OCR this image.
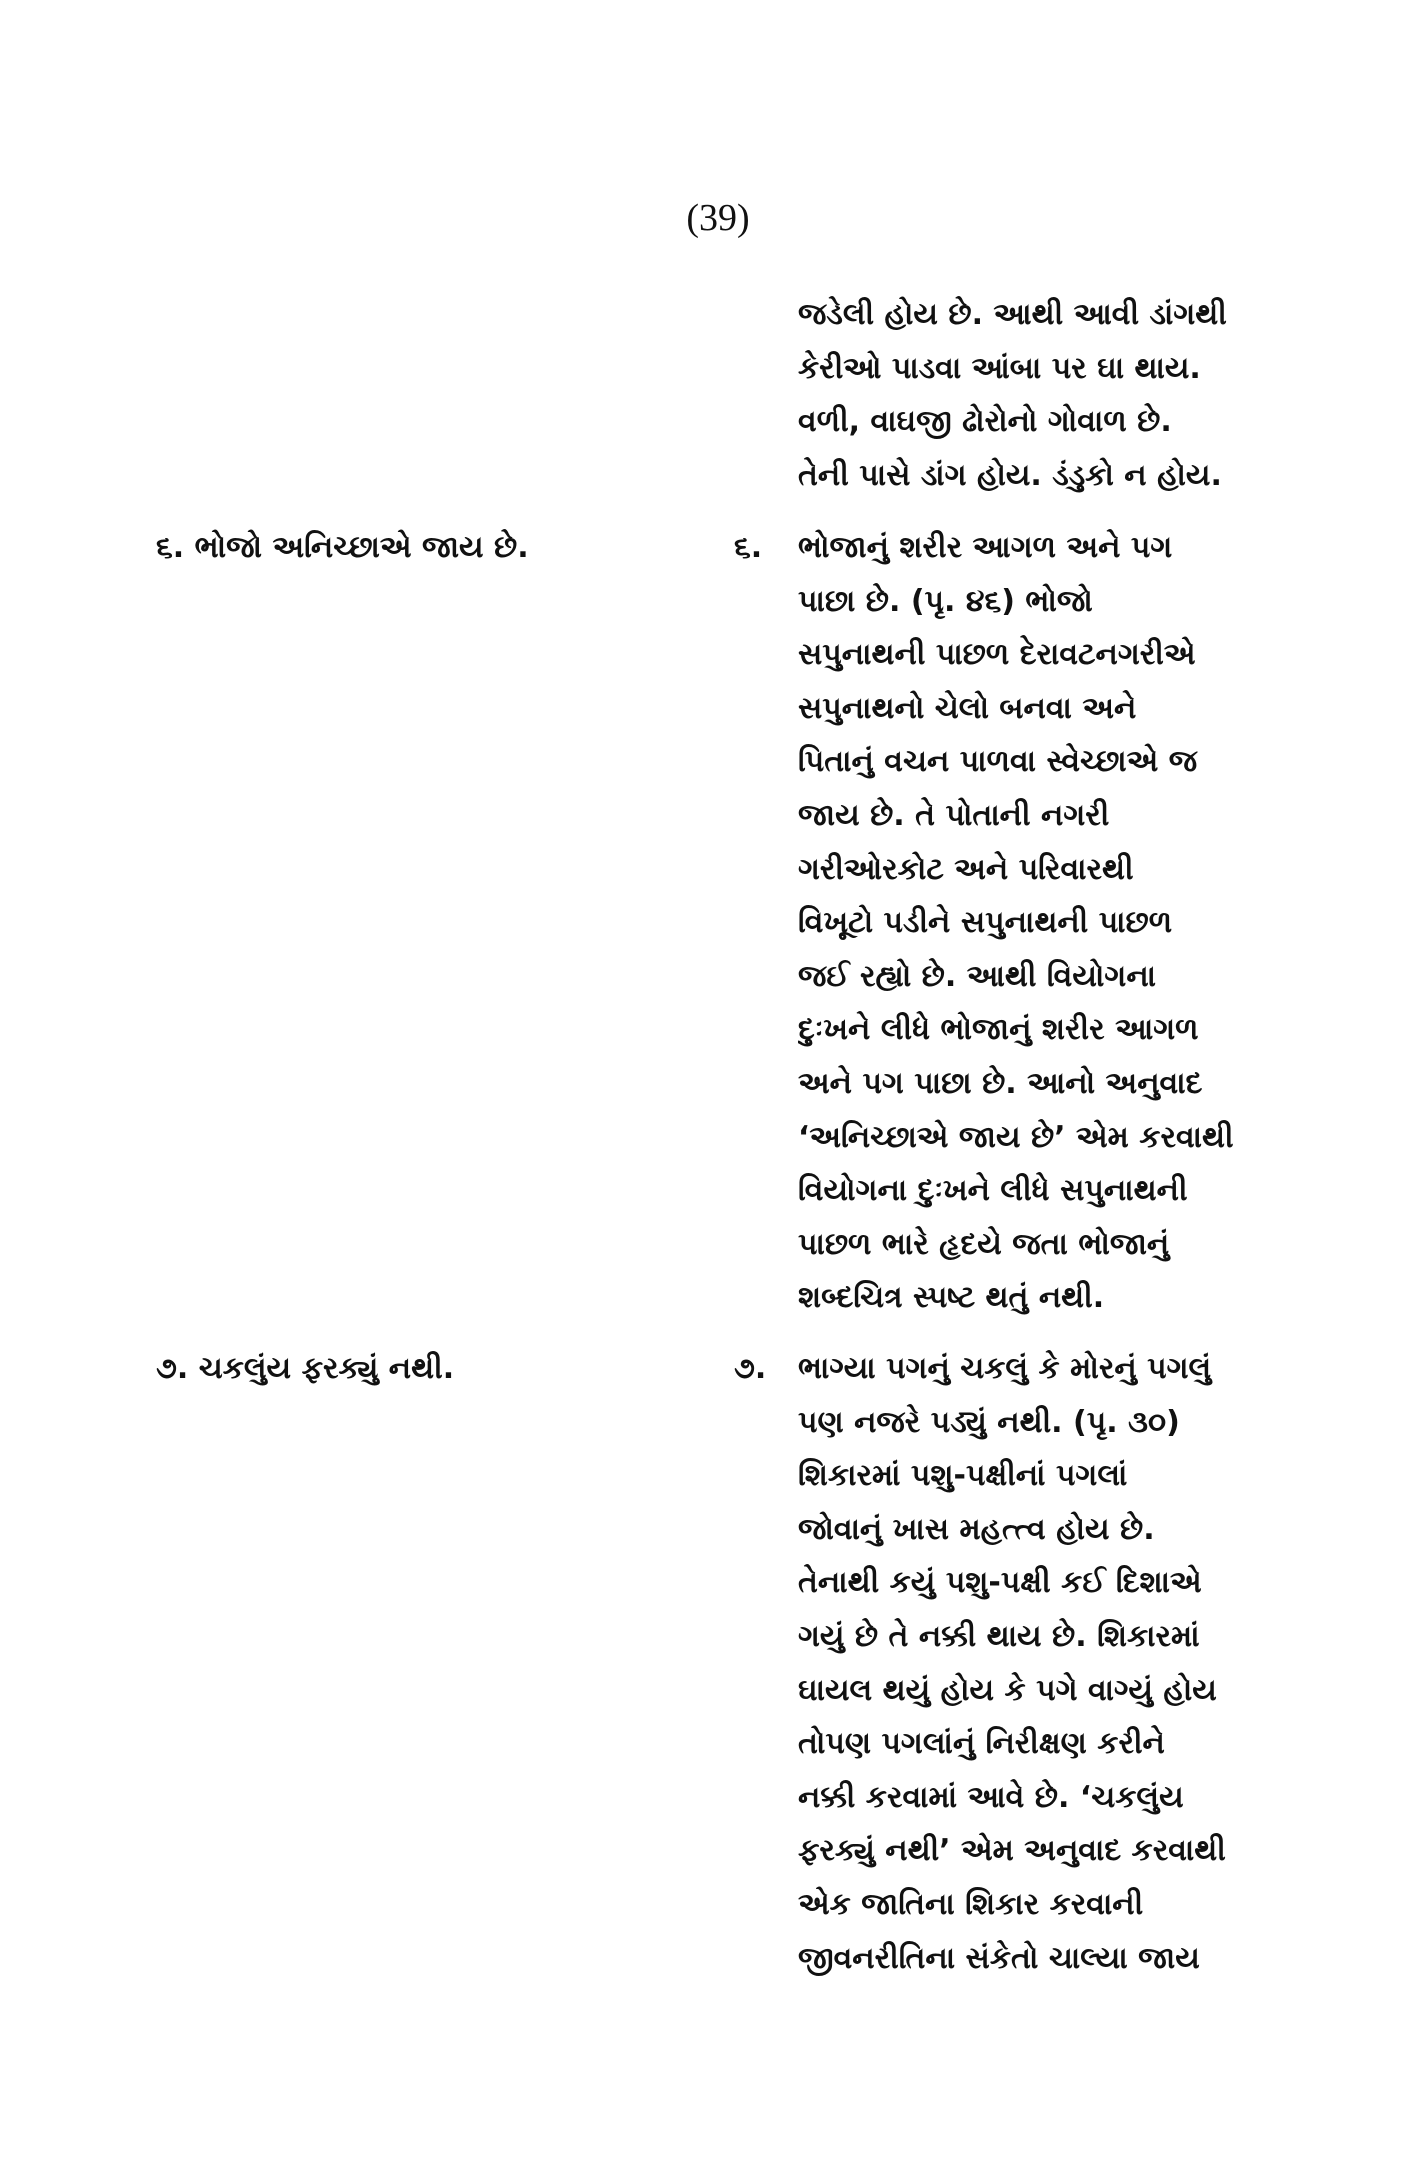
(39)
જડેલી હોય છે. આથી આવી ડાંગથી
કેરીઓ પાડવા આંબા પર ઘા થાય.
વળી, વાઘજી ઢોરોનો ગોવાળ છે.
તેની પાસે ડાંગ હોય. ડંડુકો ન હોય.
૬. ભોજો અનિચ્છાએ જાય છે.	૬. ભોજાનું શરીર આગળ અને પગ
પાછા છે. (પૃ. ૪૬) ભોજો
સપુનાથની પાછળ દેરાવટનગરીએ
સપુનાથનો ચેલો બનવા અને
પિતાનું વચન પાળવા સ્વેચ્છાએ જ
જાય છે. તે પોતાની નગરી
ગરીઓરકોટ અને પરિવારથી
વિખૂટો પડીને સપુનાથની પાછળ
જઈ રહ્યો છે. આથી વિયોગના
દુઃખને લીધે ભોજાનું શરીર આગળ
અને પગ પાછા છે. આનો અનુવાદ
‘અનિચ્છાએ જાય છે’ એમ કરવાથી
વિયોગના દુઃખને લીધે સપુનાથની
પાછળ ભારે હૃદયે જતા ભોજાનું
શબ્દચિત્ર સ્પષ્ટ થતું નથી.
૭. ચકલુંય ફરક્યું નથી.	૭. ભાગ્યા પગનું ચકલું કે મોરનું પગલું
પણ નજરે પડ્યું નથી. (પૃ. ૩૦)
શિકારમાં પશુ-પક્ષીનાં પગલાં
જોવાનું ખાસ મહત્ત્વ હોય છે.
તેનાથી કયું પશુ-પક્ષી કઈ દિશાએ
ગયું છે તે નક્કી થાય છે. શિકારમાં
ઘાયલ થયું હોય કે પગે વાગ્યું હોય
તોપણ પગલાંનું નિરીક્ષણ કરીને
નક્કી કરવામાં આવે છે. ‘ચકલુંય
ફરક્યું નથી’ એમ અનુવાદ કરવાથી
એક જાતિના શિકાર કરવાની
જીવનરીતિના સંકેતો ચાલ્યા જાય
